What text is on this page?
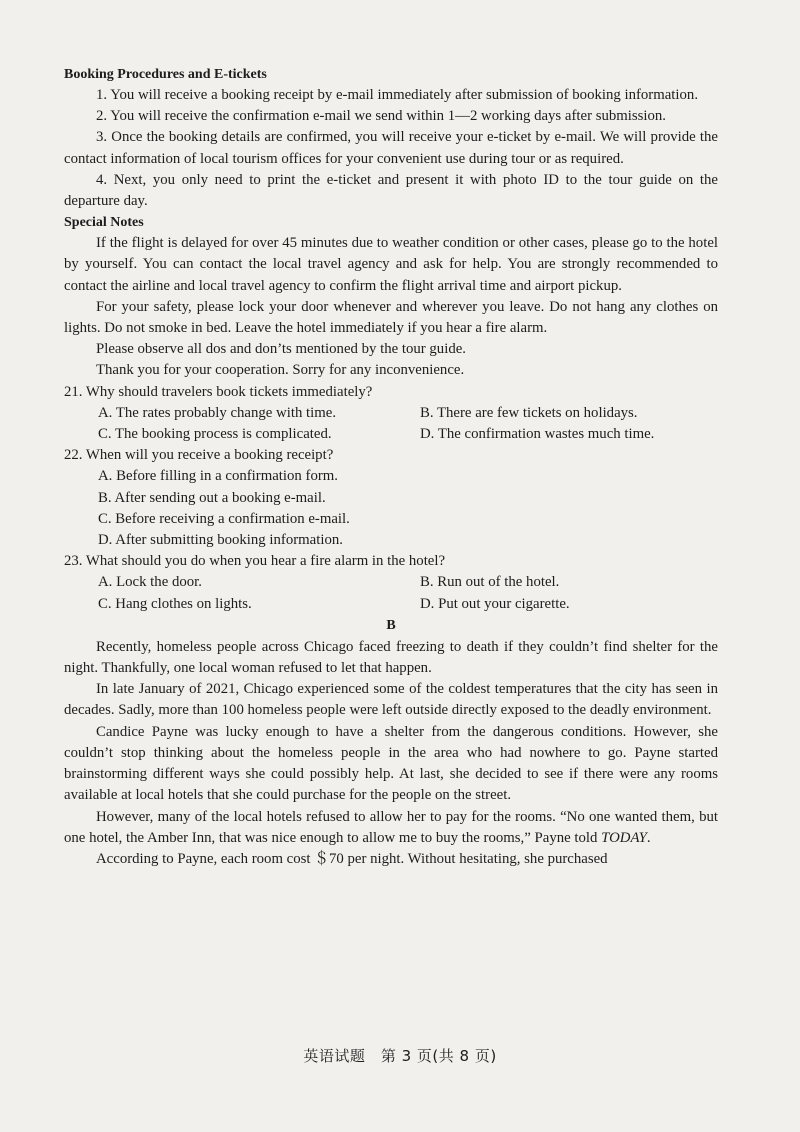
Booking Procedures and E-tickets

1. You will receive a booking receipt by e-mail immediately after submission of booking information.

2. You will receive the confirmation e-mail we send within 1—2 working days after submission.

3. Once the booking details are confirmed, you will receive your e-ticket by e-mail. We will provide the contact information of local tourism offices for your convenient use during tour or as required.

4. Next, you only need to print the e-ticket and present it with photo ID to the tour guide on the departure day.

Special Notes

If the flight is delayed for over 45 minutes due to weather condition or other cases, please go to the hotel by yourself. You can contact the local travel agency and ask for help. You are strongly recommended to contact the airline and local travel agency to confirm the flight arrival time and airport pickup.

For your safety, please lock your door whenever and wherever you leave. Do not hang any clothes on lights. Do not smoke in bed. Leave the hotel immediately if you hear a fire alarm.

Please observe all dos and don’ts mentioned by the tour guide.

Thank you for your cooperation. Sorry for any inconvenience.

21. Why should travelers book tickets immediately?

A. The rates probably change with time.	B. There are few tickets on holidays.
C. The booking process is complicated.	D. The confirmation wastes much time.

22. When will you receive a booking receipt?

A. Before filling in a confirmation form.
B. After sending out a booking e-mail.
C. Before receiving a confirmation e-mail.
D. After submitting booking information.

23. What should you do when you hear a fire alarm in the hotel?

A. Lock the door.	B. Run out of the hotel.
C. Hang clothes on lights.	D. Put out your cigarette.
B

Recently, homeless people across Chicago faced freezing to death if they couldn’t find shelter for the night. Thankfully, one local woman refused to let that happen.

In late January of 2021, Chicago experienced some of the coldest temperatures that the city has seen in decades. Sadly, more than 100 homeless people were left outside directly exposed to the deadly environment.

Candice Payne was lucky enough to have a shelter from the dangerous conditions. However, she couldn’t stop thinking about the homeless people in the area who had nowhere to go. Payne started brainstorming different ways she could possibly help. At last, she decided to see if there were any rooms available at local hotels that she could purchase for the people on the street.

However, many of the local hotels refused to allow her to pay for the rooms. “No one wanted them, but one hotel, the Amber Inn, that was nice enough to allow me to buy the rooms,” Payne told TODAY.

According to Payne, each room cost ＄70 per night. Without hesitating, she purchased

英语试题　第 3 页(共 8 页)
